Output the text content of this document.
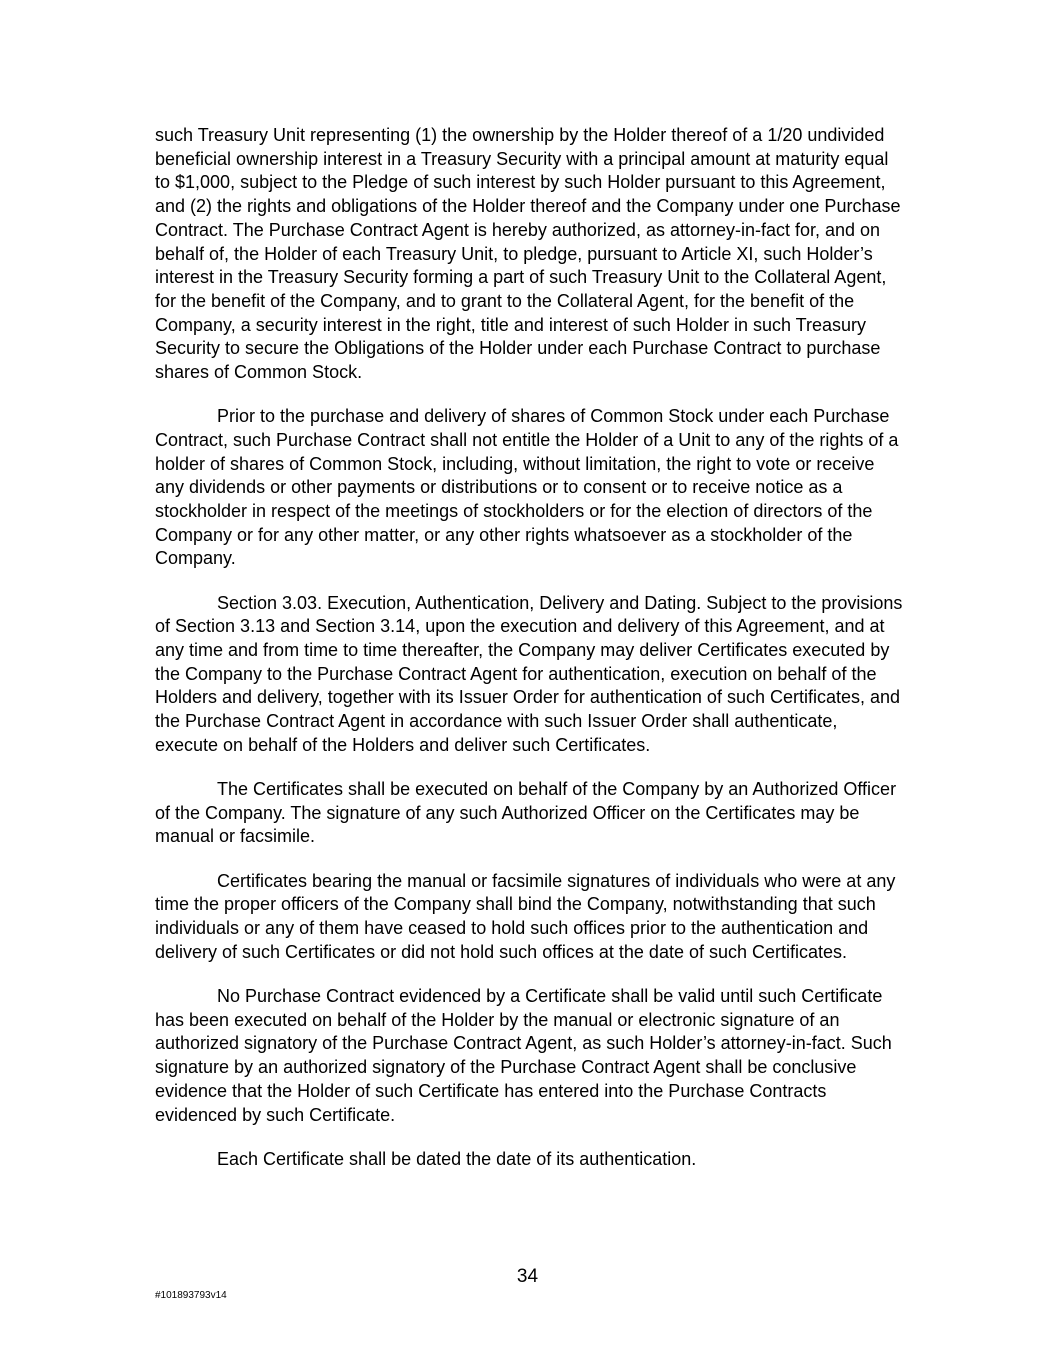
such Treasury Unit representing (1) the ownership by the Holder thereof of a 1/20 undivided beneficial ownership interest in a Treasury Security with a principal amount at maturity equal to $1,000, subject to the Pledge of such interest by such Holder pursuant to this Agreement, and (2) the rights and obligations of the Holder thereof and the Company under one Purchase Contract. The Purchase Contract Agent is hereby authorized, as attorney-in-fact for, and on behalf of, the Holder of each Treasury Unit, to pledge, pursuant to Article XI, such Holder’s interest in the Treasury Security forming a part of such Treasury Unit to the Collateral Agent, for the benefit of the Company, and to grant to the Collateral Agent, for the benefit of the Company, a security interest in the right, title and interest of such Holder in such Treasury Security to secure the Obligations of the Holder under each Purchase Contract to purchase shares of Common Stock.

Prior to the purchase and delivery of shares of Common Stock under each Purchase Contract, such Purchase Contract shall not entitle the Holder of a Unit to any of the rights of a holder of shares of Common Stock, including, without limitation, the right to vote or receive any dividends or other payments or distributions or to consent or to receive notice as a stockholder in respect of the meetings of stockholders or for the election of directors of the Company or for any other matter, or any other rights whatsoever as a stockholder of the Company.

Section 3.03. Execution, Authentication, Delivery and Dating. Subject to the provisions of Section 3.13 and Section 3.14, upon the execution and delivery of this Agreement, and at any time and from time to time thereafter, the Company may deliver Certificates executed by the Company to the Purchase Contract Agent for authentication, execution on behalf of the Holders and delivery, together with its Issuer Order for authentication of such Certificates, and the Purchase Contract Agent in accordance with such Issuer Order shall authenticate, execute on behalf of the Holders and deliver such Certificates.

The Certificates shall be executed on behalf of the Company by an Authorized Officer of the Company. The signature of any such Authorized Officer on the Certificates may be manual or facsimile.

Certificates bearing the manual or facsimile signatures of individuals who were at any time the proper officers of the Company shall bind the Company, notwithstanding that such individuals or any of them have ceased to hold such offices prior to the authentication and delivery of such Certificates or did not hold such offices at the date of such Certificates.

No Purchase Contract evidenced by a Certificate shall be valid until such Certificate has been executed on behalf of the Holder by the manual or electronic signature of an authorized signatory of the Purchase Contract Agent, as such Holder’s attorney-in-fact. Such signature by an authorized signatory of the Purchase Contract Agent shall be conclusive evidence that the Holder of such Certificate has entered into the Purchase Contracts evidenced by such Certificate.

Each Certificate shall be dated the date of its authentication.

34
#101893793v14
